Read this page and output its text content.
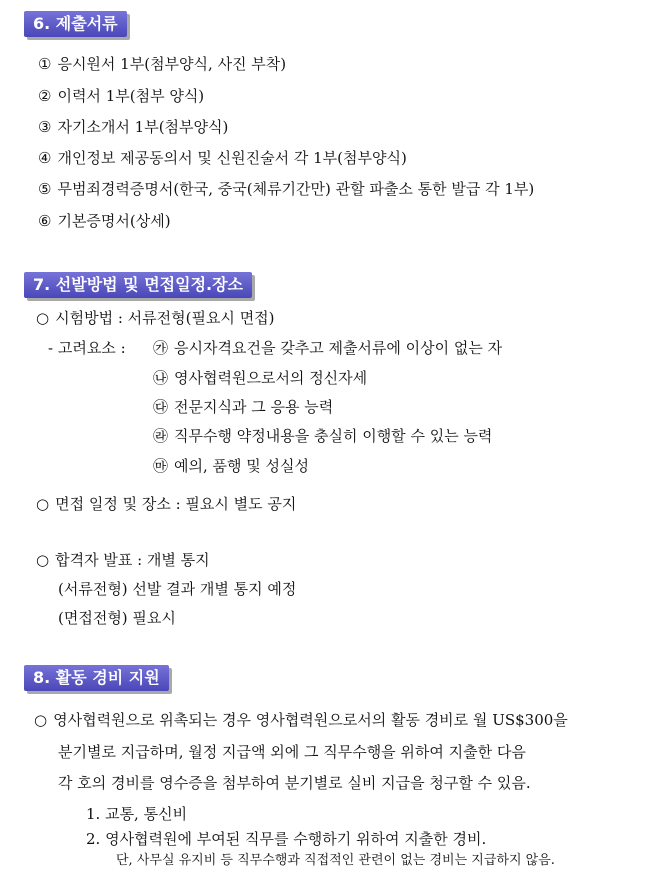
6. 제출서류
① 응시원서 1부(첨부양식, 사진 부착)
② 이력서 1부(첨부 양식)
③ 자기소개서 1부(첨부양식)
④ 개인정보 제공동의서 및 신원진술서 각 1부(첨부양식)
⑤ 무범죄경력증명서(한국, 중국(체류기간만) 관할 파출소 통한 발급 각 1부)
⑥ 기본증명서(상세)
7. 선발방법 및 면접일정.장소
○ 시험방법 : 서류전형(필요시 면접)
- 고려요소 : ㉮ 응시자격요건을 갖추고 제출서류에 이상이 없는 자
㉯ 영사협력원으로서의 정신자세
㉰ 전문지식과 그 응용 능력
㉱ 직무수행 약정내용을 충실히 이행할 수 있는 능력
㉲ 예의, 품행 및 성실성
○ 면접 일정 및 장소 : 필요시 별도 공지
○ 합격자 발표 : 개별 통지
(서류전형) 선발 결과 개별 통지 예정
(면접전형) 필요시
8. 활동 경비 지원
○ 영사협력원으로 위촉되는 경우 영사협력원으로서의 활동 경비로 월 US$300을
분기별로 지급하며, 월정 지급액 외에 그 직무수행을 위하여 지출한 다음
각 호의 경비를 영수증을 첨부하여 분기별로 실비 지급을 청구할 수 있음.
1. 교통, 통신비
2. 영사협력원에 부여된 직무를 수행하기 위하여 지출한 경비.
단, 사무실 유지비 등 직무수행과 직접적인 관련이 없는 경비는 지급하지 않음.
